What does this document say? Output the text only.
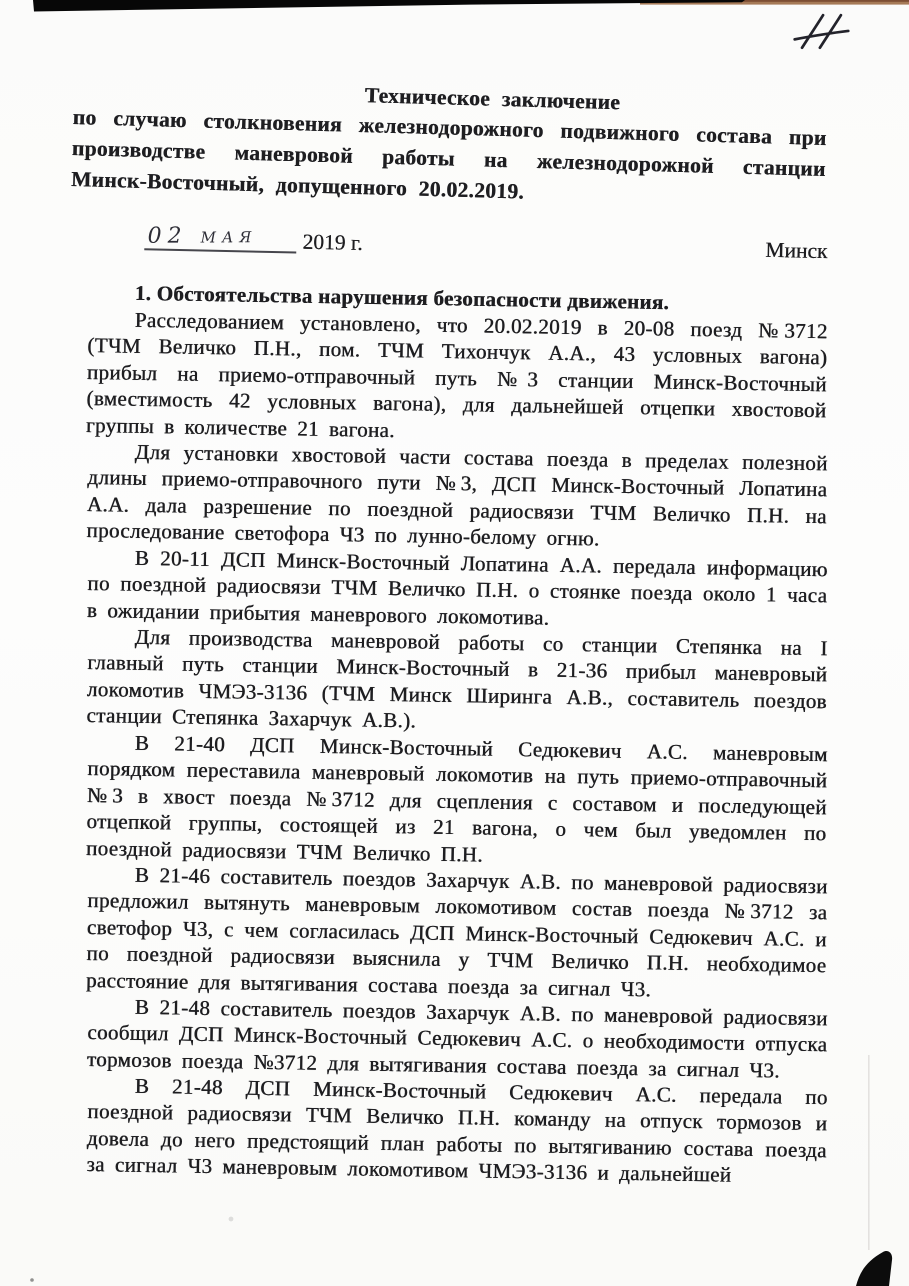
Техническое заключение

по случаю столкновения железнодорожного подвижного состава при производстве маневровой работы на железнодорожной станции Минск-Восточный, допущенного 20.02.2019.

02 мая	2019 г.	Минск
1. Обстоятельства нарушения безопасности движения.

Расследованием установлено, что 20.02.2019 в 20-08 поезд №3712 (ТЧМ Величко П.Н., пом. ТЧМ Тихончук А.А., 43 условных вагона) прибыл на приемо-отправочный путь №3 станции Минск-Восточный (вместимость 42 условных вагона), для дальнейшей отцепки хвостовой группы в количестве 21 вагона.

Для установки хвостовой части состава поезда в пределах полезной длины приемо-отправочного пути №3, ДСП Минск-Восточный Лопатина А.А. дала разрешение по поездной радиосвязи ТЧМ Величко П.Н. на проследование светофора Ч3 по лунно-белому огню.

В 20-11 ДСП Минск-Восточный Лопатина А.А. передала информацию по поездной радиосвязи ТЧМ Величко П.Н. о стоянке поезда около 1 часа в ожидании прибытия маневрового локомотива.

Для производства маневровой работы со станции Степянка на I главный путь станции Минск-Восточный в 21-36 прибыл маневровый локомотив ЧМЭ3-3136 (ТЧМ Минск Ширинга А.В., составитель поездов станции Степянка Захарчук А.В.).

В 21-40 ДСП Минск-Восточный Седюкевич А.С. маневровым порядком переставила маневровый локомотив на путь приемо-отправочный №3 в хвост поезда №3712 для сцепления с составом и последующей отцепкой группы, состоящей из 21 вагона, о чем был уведомлен по поездной радиосвязи ТЧМ Величко П.Н.

В 21-46 составитель поездов Захарчук А.В. по маневровой радиосвязи предложил вытянуть маневровым локомотивом состав поезда №3712 за светофор Ч3, с чем согласилась ДСП Минск-Восточный Седюкевич А.С. и по поездной радиосвязи выяснила у ТЧМ Величко П.Н. необходимое расстояние для вытягивания состава поезда за сигнал Ч3.

В 21-48 составитель поездов Захарчук А.В. по маневровой радиосвязи сообщил ДСП Минск-Восточный Седюкевич А.С. о необходимости отпуска тормозов поезда №3712 для вытягивания состава поезда за сигнал Ч3.

В 21-48 ДСП Минск-Восточный Седюкевич А.С. передала по поездной радиосвязи ТЧМ Величко П.Н. команду на отпуск тормозов и довела до него предстоящий план работы по вытягиванию состава поезда за сигнал Ч3 маневровым локомотивом ЧМЭ3-3136 и дальнейшей
